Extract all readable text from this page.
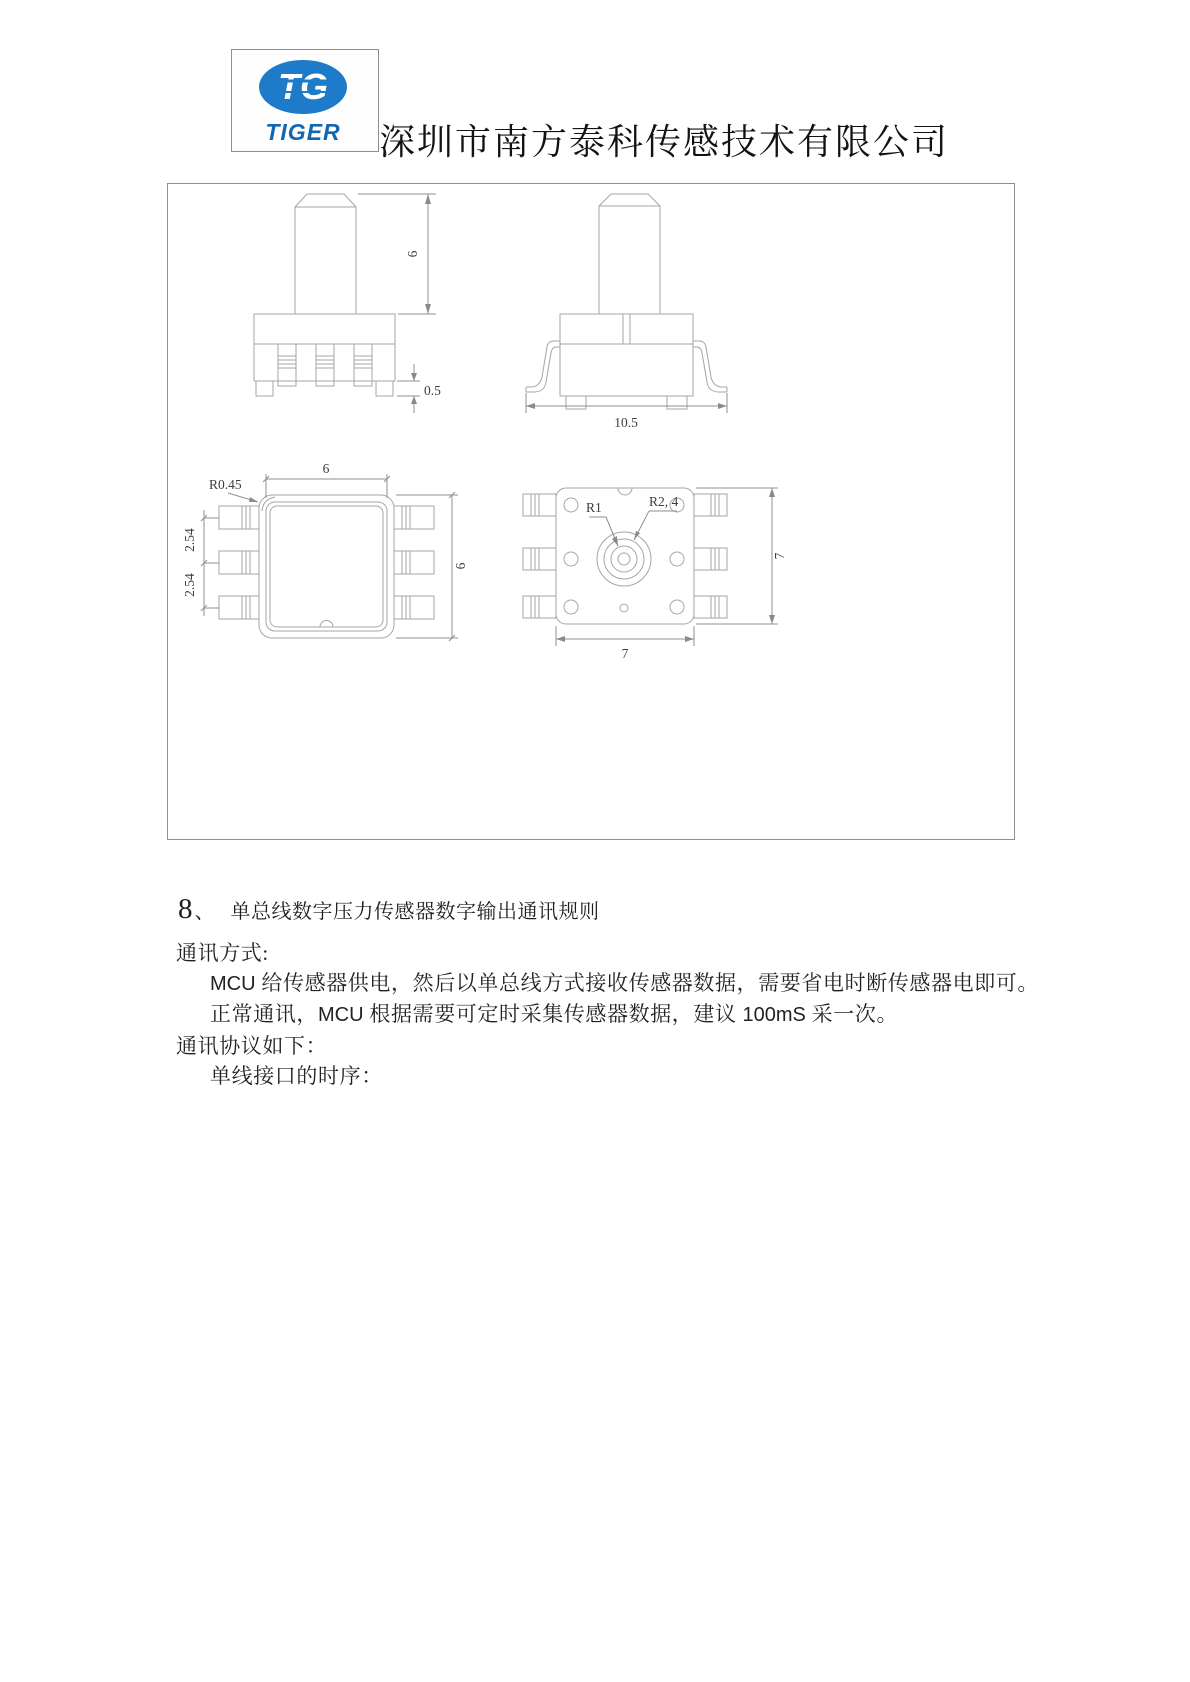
TG
TIGER 深圳市南方泰科传感技术有限公司
6
0.5
10.5
R0.45
6
2.54
2.54
6
R1	R2, 4
7
7
8 、 单总线数字压力传感器数字输出通讯规则
通讯方式:
MCU 给传感器供电，然后以单总线方式接收传感器数据，需要省电时断传感器电即可。
正常通讯，MCU 根据需要可定时采集传感器数据，建议 100mS 采一次。
通讯协议如下：
单线接口的时序：
